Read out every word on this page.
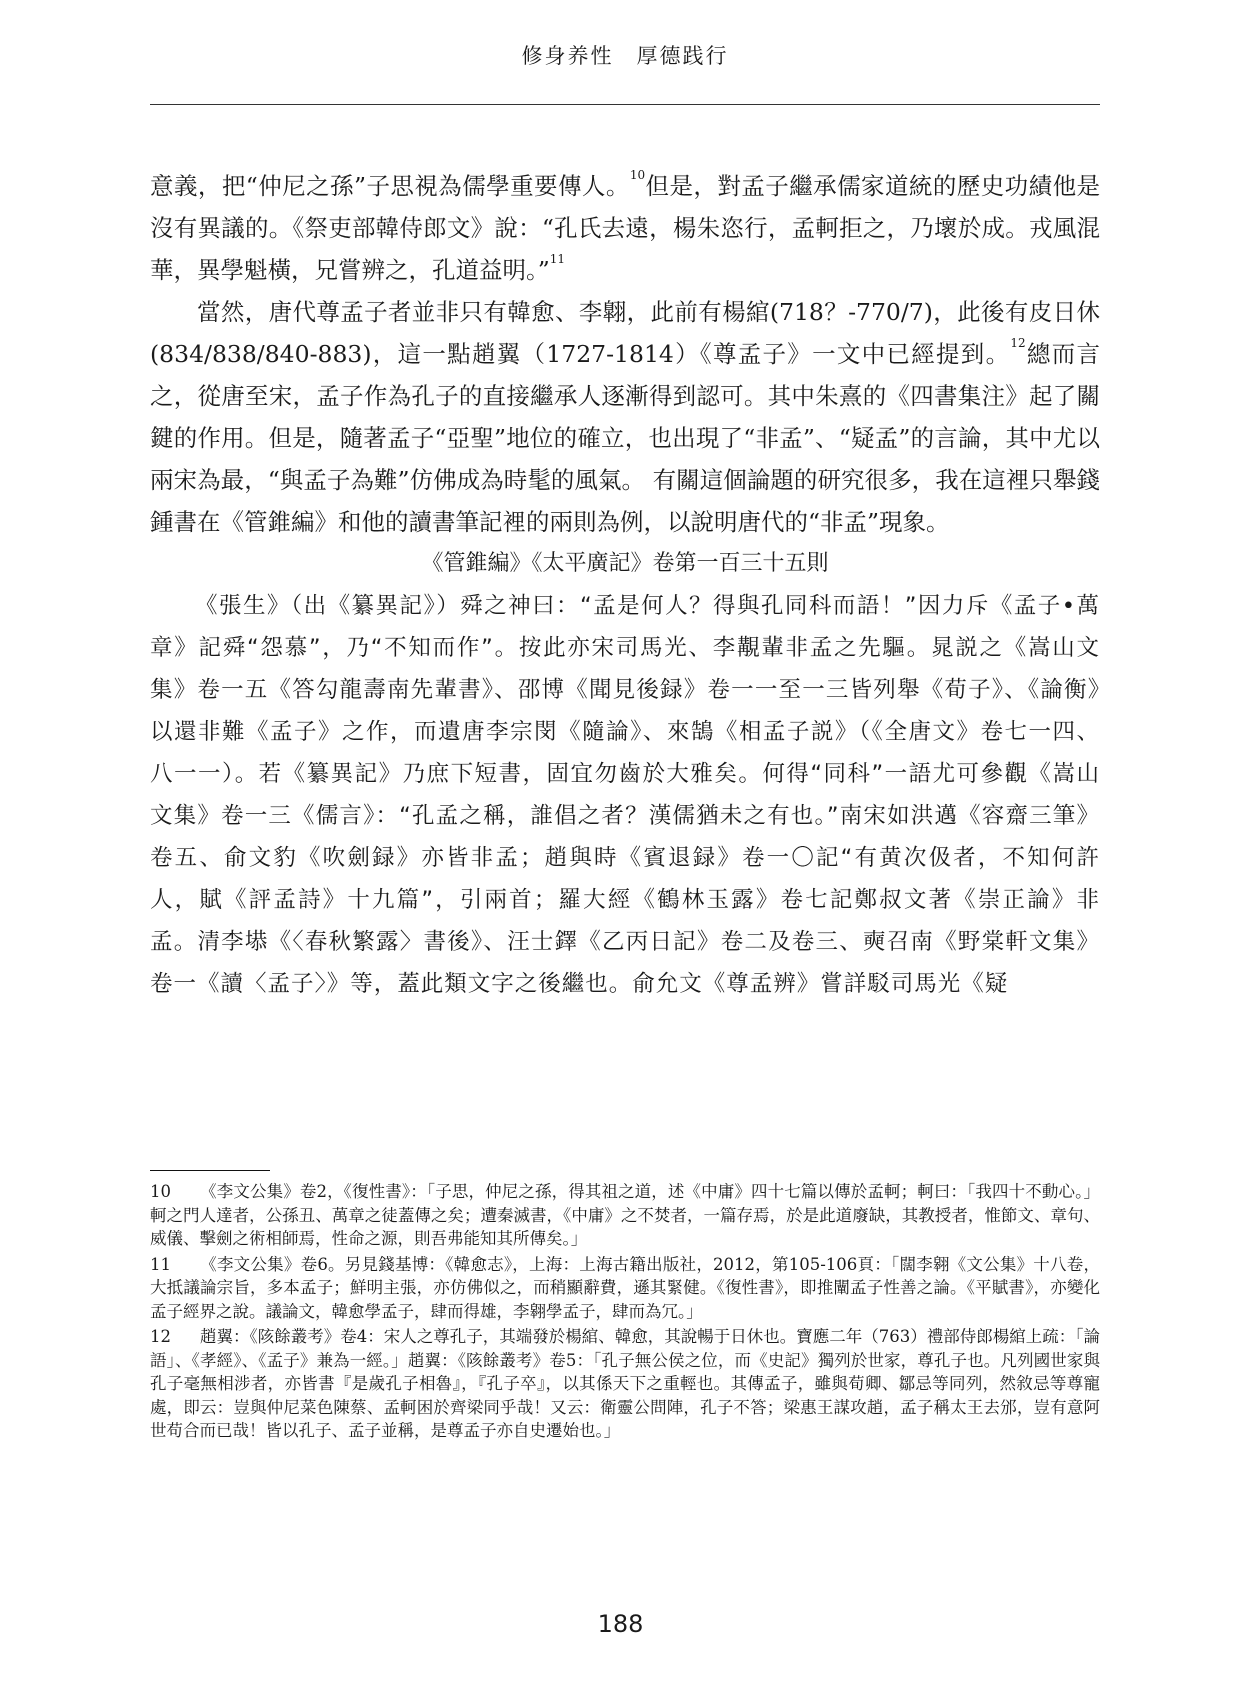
修身养性　厚德践行

意義，把“仲尼之孫”子思視為儒學重要傳人。$^{10}$但是，對孟子繼承儒家道統的歷史功績他是沒有異議的。《祭吏部韓侍郎文》說：“孔氏去遠，楊朱恣行，孟軻拒之，乃壞於成。戎風混華，異學魁橫，兄嘗辨之，孔道益明。”$^{11}$

當然，唐代尊孟子者並非只有韓愈、李翺，此前有楊綰(718？-770/7)，此後有皮日休(834/838/840-883)，這一點趙翼（1727-1814）《尊孟子》一文中已經提到。$^{12}$總而言之，從唐至宋，孟子作為孔子的直接繼承人逐漸得到認可。其中朱熹的《四書集注》起了關鍵的作用。但是，隨著孟子“亞聖”地位的確立，也出現了“非孟”、“疑孟”的言論，其中尤以兩宋為最，“與孟子為難”仿佛成為時髦的風氣。 有關這個論題的研究很多，我在這裡只舉錢鍾書在《管錐編》和他的讀書筆記裡的兩則為例，以說明唐代的“非孟”現象。

《管錐編》《太平廣記》卷第一百三十五則

《張生》（出《纂異記》）舜之神曰：“孟是何人？得與孔同科而語！”因力斥《孟子•萬章》記舜“怨慕”，乃“不知而作”。按此亦宋司馬光、李覯輩非孟之先驅。晁説之《嵩山文集》卷一五《答勾龍壽南先輩書》、邵博《聞見後録》卷一一至一三皆列舉《荀子》、《論衡》以還非難《孟子》之作，而遺唐李宗閔《隨論》、來鵠《相孟子説》（《全唐文》卷七一四、八一一）。若《纂異記》乃庶下短書，固宜勿齒於大雅矣。何得“同科”一語尤可參觀《嵩山文集》卷一三《儒言》：“孔孟之稱，誰倡之者？漢儒猶未之有也。”南宋如洪邁《容齋三筆》卷五、俞文豹《吹劍録》亦皆非孟；趙與時《賓退録》卷一〇記“有黄次伋者，不知何許人，賦《評孟詩》十九篇”，引兩首；羅大經《鶴林玉露》卷七記鄭叔文著《崇正論》非孟。清李塨《〈春秋繁露〉書後》、汪士鐸《乙丙日記》卷二及卷三、奭召南《野棠軒文集》卷一《讀〈孟子〉》等，蓋此類文字之後繼也。俞允文《尊孟辨》嘗詳駁司馬光《疑

10 《李文公集》卷2，《復性書》：「子思，仲尼之孫，得其祖之道，述《中庸》四十七篇以傳於孟軻；軻曰：「我四十不動心。」軻之門人達者，公孫丑、萬章之徒蓋傳之矣；遭秦滅書，《中庸》之不焚者，一篇存焉，於是此道廢缺，其教授者，惟節文、章句、威儀、擊劍之術相師焉，性命之源，則吾弗能知其所傳矣。」

11 《李文公集》卷6。另見錢基博：《韓愈志》，上海：上海古籍出版社，2012，第105-106頁：「闊李翱《文公集》十八卷，大抵議論宗旨，多本孟子；鮮明主張，亦仿佛似之，而稍顯辭費，遜其緊健。《復性書》，即推闡孟子性善之論。《平賦書》，亦變化孟子經界之說。議論文，韓愈學孟子，肆而得雄，李翱學孟子，肆而為冗。」

12 趙翼：《陔餘叢考》卷4：宋人之尊孔子，其端發於楊綰、韓愈，其說暢于日休也。寶應二年（763）禮部侍郎楊綰上疏：「論語」、《孝經》、《孟子》兼為一經。」趙翼：《陔餘叢考》卷5：「孔子無公侯之位，而《史記》獨列於世家，尊孔子也。凡列國世家與孔子毫無相涉者，亦皆書『是歲孔子相魯』，『孔子卒』，以其係天下之重輕也。其傳孟子，雖與荀卿、鄒忌等同列，然敘忌等尊寵處，即云：豈與仲尼菜色陳蔡、孟軻困於齊梁同乎哉！又云：衛靈公問陣，孔子不答；梁惠王謀攻趙，孟子稱太王去邠，豈有意阿世苟合而已哉！皆以孔子、孟子並稱，是尊孟子亦自史遷始也。」

188
